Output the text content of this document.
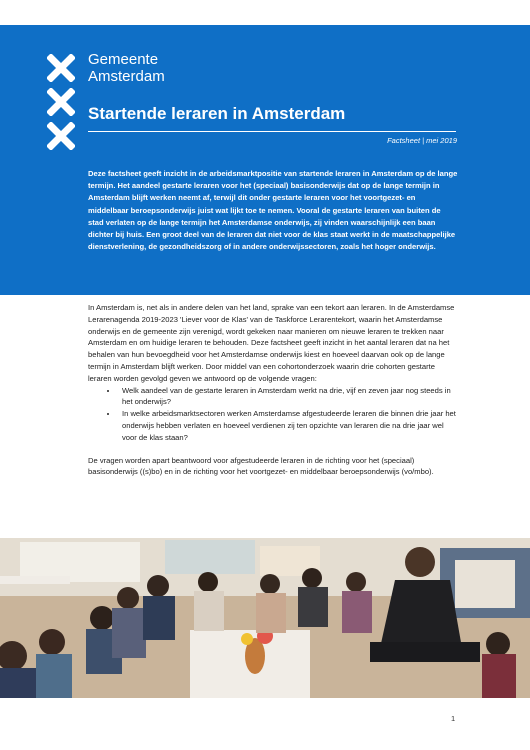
Gemeente
Amsterdam
Startende leraren in Amsterdam

Factsheet | mei 2019

Deze factsheet geeft inzicht in de arbeidsmarktpositie van startende leraren in Amsterdam op de lange termijn. Het aandeel gestarte leraren voor het (speciaal) basisonderwijs dat op de lange termijn in Amsterdam blijft werken neemt af, terwijl dit onder gestarte leraren voor het voortgezet- en middelbaar beroepsonderwijs juist wat lijkt toe te nemen. Vooral de gestarte leraren van buiten de stad verlaten op de lange termijn het Amsterdamse onderwijs, zij vinden waarschijnlijk een baan dichter bij huis. Een groot deel van de leraren dat niet voor de klas staat werkt in de maatschappelijke dienstverlening, de gezondheidszorg of in andere onderwijssectoren, zoals het hoger onderwijs.

In Amsterdam is, net als in andere delen van het land, sprake van een tekort aan leraren. In de Amsterdamse Lerarenagenda 2019-2023 'Liever voor de Klas' van de Taskforce Lerarentekort, waarin het Amsterdamse onderwijs en de gemeente zijn verenigd, wordt gekeken naar manieren om nieuwe leraren te trekken naar Amsterdam en om huidige leraren te behouden. Deze factsheet geeft inzicht in het aantal leraren dat na het behalen van hun bevoegdheid voor het Amsterdamse onderwijs kiest en hoeveel daarvan ook op de lange termijn in Amsterdam blijft werken. Door middel van een cohortonderzoek waarin drie cohorten gestarte leraren worden gevolgd geven we antwoord op de volgende vragen:

• Welk aandeel van de gestarte leraren in Amsterdam werkt na drie, vijf en zeven jaar nog steeds in het onderwijs?
• In welke arbeidsmarktsectoren werken Amsterdamse afgestudeerde leraren die binnen drie jaar het onderwijs hebben verlaten en hoeveel verdienen zij ten opzichte van leraren die na drie jaar wel voor de klas staan?

De vragen worden apart beantwoord voor afgestudeerde leraren in de richting voor het (speciaal) basisonderwijs ((s)bo) en in de richting voor het voortgezet- en middelbaar beroepsonderwijs (vo/mbo).

1
